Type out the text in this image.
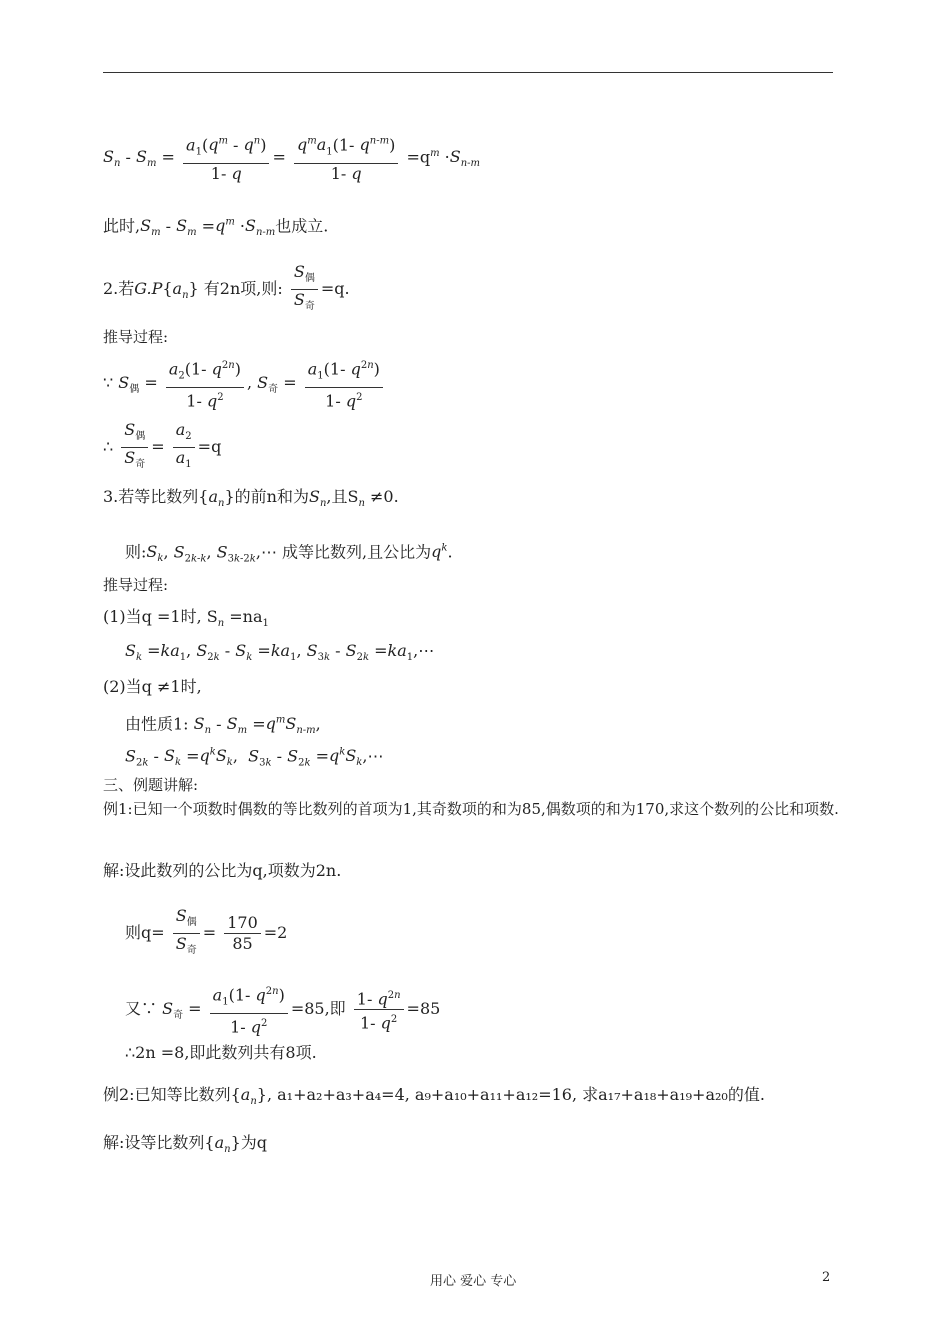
$S_n - S_m = \frac{a_1(q^m - q^n)}{1- q} = \frac{q^ma_1(1- q^{n-m})}{1- q} =q^m \cdot S_{n-m}$
此时$,S_m - S_m =q^m \cdot S_{n-m}$也成立.
2.若$G.P\{a_n\}$ 有2n项,则: $\frac{S_偶}{S_奇} =q$.
推导过程:
∵ $S_偶 = \frac{a_2(1- q^{2n})}{1- q^2}$ , $S_奇 = \frac{a_1(1- q^{2n})}{1- q^2}$
∴ $\frac{S_偶}{S_奇} = \frac{a_2}{a_1} =q$
3.若等比数列$\{a_n\}$的前n和为$S_n$,且$S_n \ne 0$.
则$:S_k$, $S_{2k-k}$, $S_{3k-2k},\cdots$ 成等比数列,且公比为$q^k$.
推导过程:
(1)当q =1时, $S_n =na_1$
$S_k =ka_1$, $S_{2k} - S_k =ka_1$, $S_{3k} - S_{2k}$ $=ka_1,\cdots$
(2)当q ≠1时,
由性质1: $S_n - S_m =q^mS_{n-m}$,
$S_{2k} - S_k =q^kS_k$,  $S_{3k} - S_{2k}$ $=q^kS_k,\cdots$
三、例题讲解:
例1:已知一个项数时偶数的等比数列的首项为1,其奇数项的和为85,偶数项的和为170,求这个数列的公比和项数.
解:设此数列的公比为q,项数为2n.
则$q= \frac{S_偶}{S_奇} = \frac{170}{85} =2$
又∵ $S_奇 = \frac{a_1(1- q^{2n})}{1- q^2} =85$,即 $\frac{1- q^{2n}}{1- q^2} =85$
∴2n =8,即此数列共有8项.
例2:已知等比数列$\{a_n\}$, a₁+a₂+a₃+a₄=4, a₉+a₁₀+a₁₁+a₁₂=16, 求a₁₇+a₁₈+a₁₉+a₂₀的值.
解:设等比数列$\{a_n\}$为q
用心 爱心 专心	2
